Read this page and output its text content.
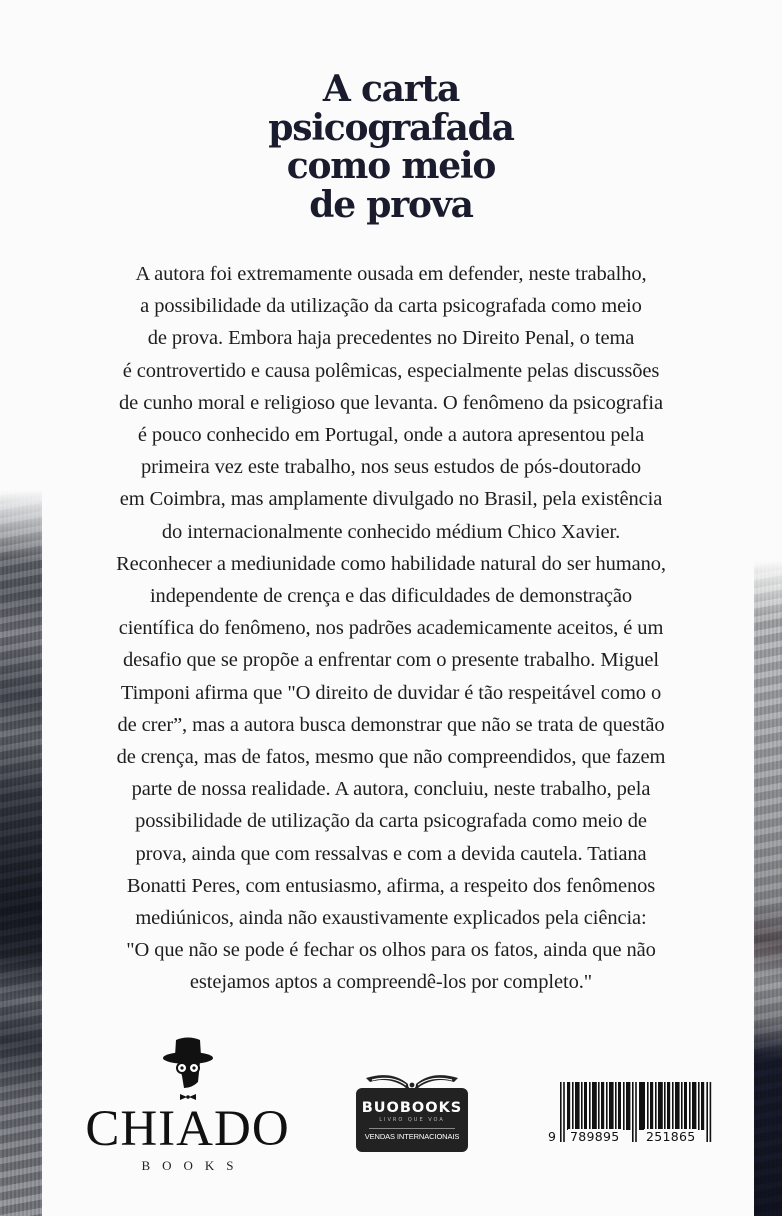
A carta
psicografada
como meio
de prova

A autora foi extremamente ousada em defender, neste trabalho,
a possibilidade da utilização da carta psicografada como meio
de prova. Embora haja precedentes no Direito Penal, o tema
é controvertido e causa polêmicas, especialmente pelas discussões
de cunho moral e religioso que levanta. O fenômeno da psicografia
é pouco conhecido em Portugal, onde a autora apresentou pela
primeira vez este trabalho, nos seus estudos de pós-doutorado
em Coimbra, mas amplamente divulgado no Brasil, pela existência
do internacionalmente conhecido médium Chico Xavier.
Reconhecer a mediunidade como habilidade natural do ser humano,
independente de crença e das dificuldades de demonstração
científica do fenômeno, nos padrões academicamente aceitos, é um
desafio que se propõe a enfrentar com o presente trabalho. Miguel
Timponi afirma que "O direito de duvidar é tão respeitável como o
de crer”, mas a autora busca demonstrar que não se trata de questão
de crença, mas de fatos, mesmo que não compreendidos, que fazem
parte de nossa realidade. A autora, concluiu, neste trabalho, pela
possibilidade de utilização da carta psicografada como meio de
prova, ainda que com ressalvas e com a devida cautela. Tatiana
Bonatti Peres, com entusiasmo, afirma, a respeito dos fenômenos
mediúnicos, ainda não exaustivamente explicados pela ciência:
"O que não se pode é fechar os olhos para os fatos, ainda que não
estejamos aptos a compreendê-los por completo."

CHIADO
BOOKS
BUOBOOKS
LIVRO QUE VOA
VENDAS INTERNACIONAIS	9 789895 251865
